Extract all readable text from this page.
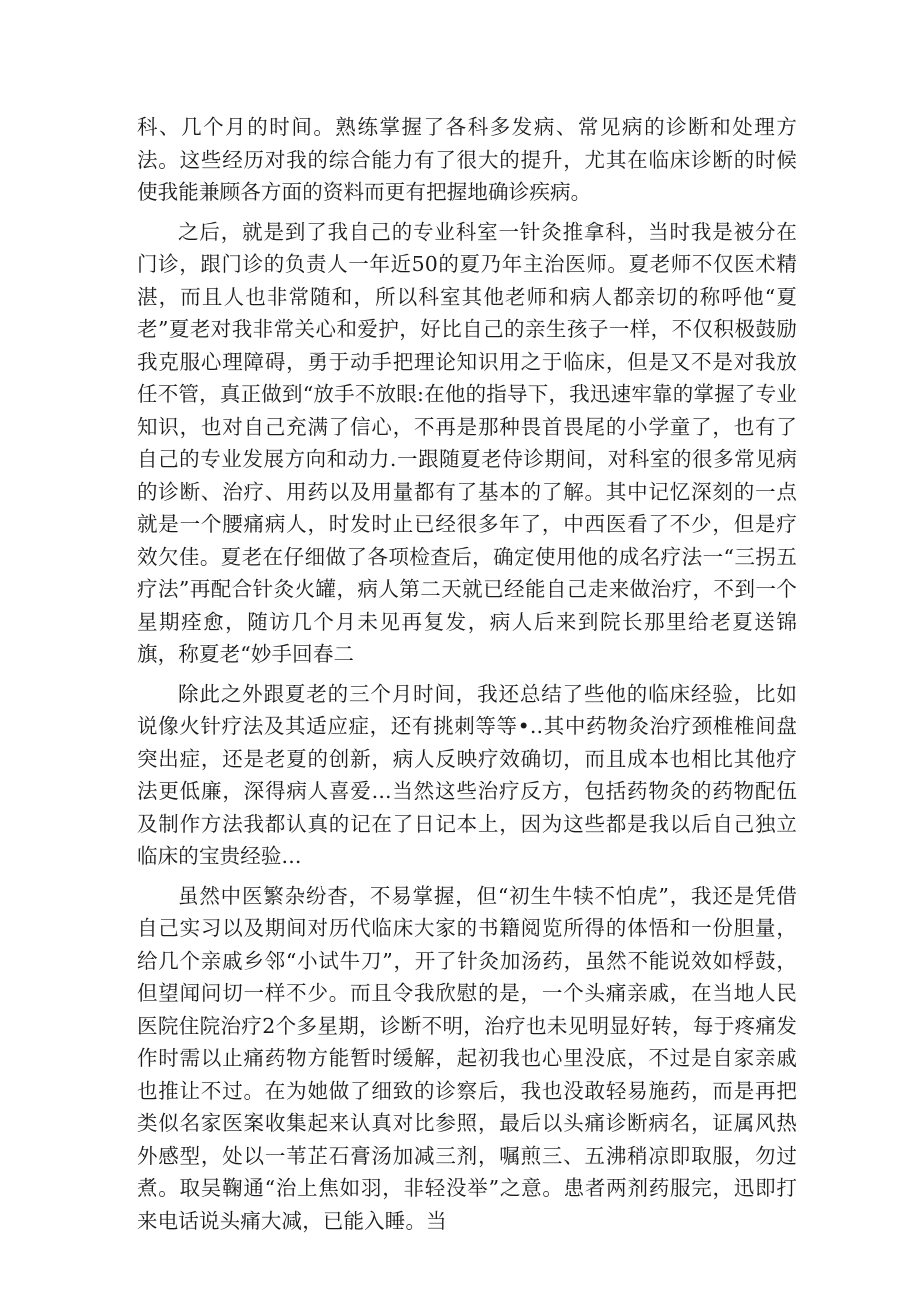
科、几个月的时间。熟练掌握了各科多发病、常见病的诊断和处理方法。这些经历对我的综合能力有了很大的提升，尤其在临床诊断的时候使我能兼顾各方面的资料而更有把握地确诊疾病。

之后，就是到了我自己的专业科室一针灸推拿科，当时我是被分在门诊，跟门诊的负责人一年近50的夏乃年主治医师。夏老师不仅医术精湛，而且人也非常随和，所以科室其他老师和病人都亲切的称呼他“夏老”夏老对我非常关心和爱护，好比自己的亲生孩子一样，不仅积极鼓励我克服心理障碍，勇于动手把理论知识用之于临床，但是又不是对我放任不管，真正做到“放手不放眼:在他的指导下，我迅速牢靠的掌握了专业知识，也对自己充满了信心，不再是那种畏首畏尾的小学童了，也有了自己的专业发展方向和动力.一跟随夏老侍诊期间，对科室的很多常见病的诊断、治疗、用药以及用量都有了基本的了解。其中记忆深刻的一点就是一个腰痛病人，时发时止已经很多年了，中西医看了不少，但是疗效欠佳。夏老在仔细做了各项检查后，确定使用他的成名疗法一“三拐五疗法”再配合针灸火罐，病人第二天就已经能自己走来做治疗，不到一个星期痊愈，随访几个月未见再复发，病人后来到院长那里给老夏送锦旗，称夏老“妙手回春二

除此之外跟夏老的三个月时间，我还总结了些他的临床经验，比如说像火针疗法及其适应症，还有挑刺等等•..其中药物灸治疗颈椎椎间盘突出症，还是老夏的创新，病人反映疗效确切，而且成本也相比其他疗法更低廉，深得病人喜爱...当然这些治疗反方，包括药物灸的药物配伍及制作方法我都认真的记在了日记本上，因为这些都是我以后自己独立临床的宝贵经验...

虽然中医繁杂纷杳，不易掌握，但“初生牛犊不怕虎”，我还是凭借自己实习以及期间对历代临床大家的书籍阅览所得的体悟和一份胆量，给几个亲戚乡邻“小试牛刀”，开了针灸加汤药，虽然不能说效如桴鼓，但望闻问切一样不少。而且令我欣慰的是，一个头痛亲戚，在当地人民医院住院治疗2个多星期，诊断不明，治疗也未见明显好转，每于疼痛发作时需以止痛药物方能暂时缓解，起初我也心里没底，不过是自家亲戚也推让不过。在为她做了细致的诊察后，我也没敢轻易施药，而是再把类似名家医案收集起来认真对比参照，最后以头痛诊断病名，证属风热外感型，处以一苇芷石膏汤加减三剂，嘱煎三、五沸稍凉即取服，勿过煮。取吴鞠通“治上焦如羽，非轻没举”之意。患者两剂药服完，迅即打来电话说头痛大减，已能入睡。当
